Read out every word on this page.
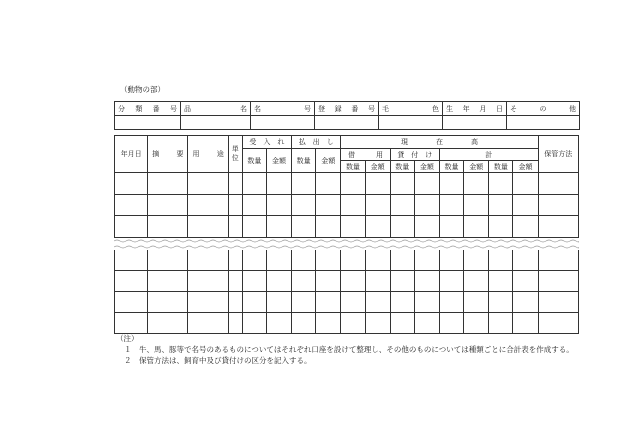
（動物の部）
分 類 番 号	品 名	名 号	登 録 番 号	毛 色	生 年 月 日	そ の 他

年月日	摘 要	用 途	単位	受　入　れ		払　出　し		現　　　　在　　　　高								保管方法
				数量	金額	数量	金額	借　　　用		貸　付　け		計				
								数量	金額	数量	金額	数量	金額	数量	金額	

（注）
１　牛、馬、豚等で名号のあるものについてはそれぞれ口座を設けて整理し、その他のものについては種類ごとに合計表を作成する。
２　保管方法は、飼育中及び貸付けの区分を記入する。
